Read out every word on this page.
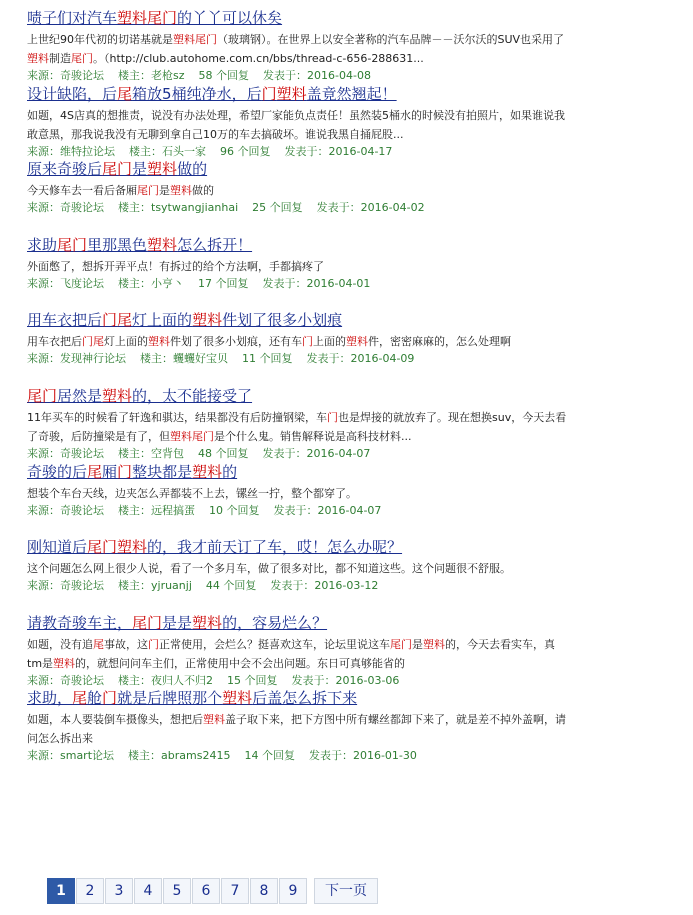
啧子们对汽车塑料尾门的丫丫可以休矣
上世纪90年代初的切诺基就是塑料尾门（玻璃钢）。在世界上以安全著称的汽车品牌－－沃尔沃的SUV也采用了塑料制造尾门。（http://club.autohome.com.cn/bbs/thread-c-656-288631...
来源：奇骏论坛 楼主：老枪sz 58 个回复 发表于：2016-04-08
设计缺陷，后尾箱放5桶纯净水，后门塑料盖竟然翘起！
如题，4S店真的想推责，说没有办法处理，希望厂家能负点责任！虽然装5桶水的时候没有拍照片，如果谁说我敢意黑，那我说我没有无聊到拿自己10万的车去搞破坏。谁说我黑自捅屁股...
来源：维特拉论坛 楼主：石头一家 96 个回复 发表于：2016-04-17
原来奇骏后尾门是塑料做的
今天修车去一看后备厢尾门是塑料做的
来源：奇骏论坛 楼主：tsytwangjianhai 25 个回复 发表于：2016-04-02
求助尾门里那黑色塑料怎么拆开！
外面憋了，想拆开弄平点！有拆过的给个方法啊，手都搞疼了
来源：飞度论坛 楼主：小亨丶 17 个回复 发表于：2016-04-01
用车衣把后门尾灯上面的塑料件划了很多小划痕
用车衣把后门尾灯上面的塑料件划了很多小划痕，还有车门上面的塑料件，密密麻麻的，怎么处理啊
来源：发现神行论坛 楼主：蠼蠼好宝贝 11 个回复 发表于：2016-04-09
尾门居然是塑料的，太不能接受了
11年买车的时候看了轩逸和骐达，结果都没有后防撞钢梁，车门也是焊接的就放弃了。现在想换suv，今天去看了奇骏，后防撞梁是有了，但塑料尾门是个什么鬼。销售解释说是高科技材料...
来源：奇骏论坛 楼主：空背包 48 个回复 发表于：2016-04-07
奇骏的后尾厢门整块都是塑料的
想装个车台天线，边夹怎么弄都装不上去，镙丝一拧，整个都穿了。
来源：奇骏论坛 楼主：远程搞蛋 10 个回复 发表于：2016-04-07
刚知道后尾门塑料的，我才前天订了车，哎！怎么办呢？
这个问题怎么网上很少人说，看了一个多月车，做了很多对比，都不知道这些。这个问题很不舒服。
来源：奇骏论坛 楼主：yjruanjj 44 个回复 发表于：2016-03-12
请教奇骏车主，尾门是是塑料的，容易烂么？
如题，没有追尾事故，这门正常使用，会烂么？挺喜欢这车，论坛里说这车尾门是塑料的，今天去看实车，真tm是塑料的，就想问问车主们，正常使用中会不会出问题。东日可真够能省的
来源：奇骏论坛 楼主：夜归人不归2 15 个回复 发表于：2016-03-06
求助，尾舱门就是后牌照那个塑料后盖怎么拆下来
如题，本人要装倒车摄像头，想把后塑料盖子取下来，把下方图中所有螺丝都卸下来了，就是差不掉外盖啊，请问怎么拆出来
来源：smart论坛 楼主：abrams2415 14 个回复 发表于：2016-01-30
1	2	3	4	5	6	7	8	9	下一页
